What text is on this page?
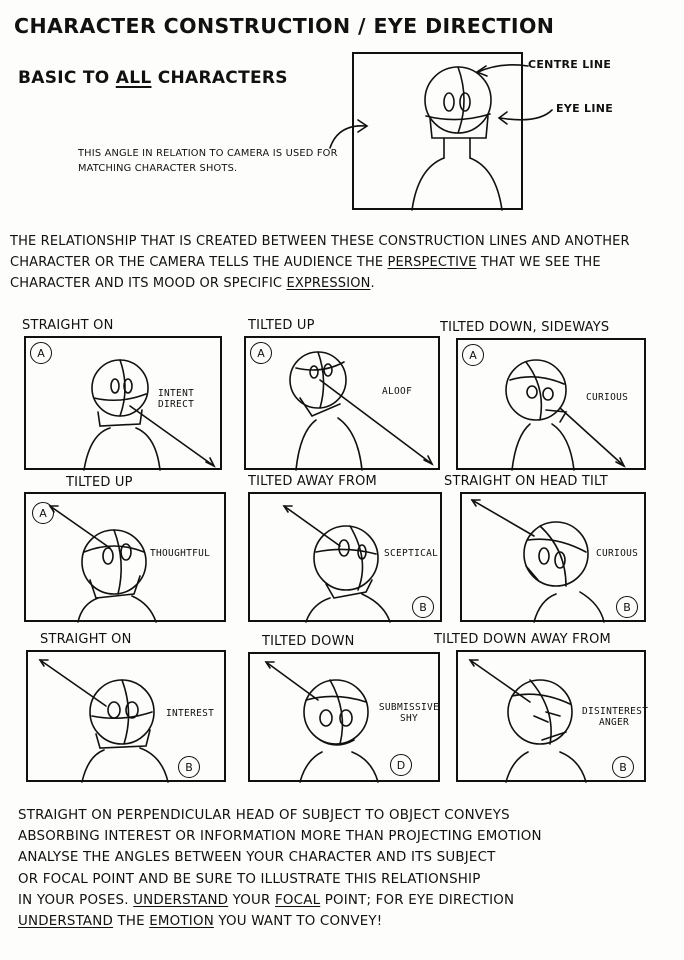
CHARACTER CONSTRUCTION / EYE DIRECTION
BASIC TO ALL CHARACTERS
THIS ANGLE IN RELATION TO CAMERA IS USED FOR MATCHING CHARACTER SHOTS.
CENTRE LINE
EYE LINE
THE RELATIONSHIP THAT IS CREATED BETWEEN THESE CONSTRUCTION LINES AND ANOTHER CHARACTER OR THE CAMERA TELLS THE AUDIENCE THE PERSPECTIVE THAT WE SEE THE CHARACTER AND ITS MOOD OR SPECIFIC EXPRESSION.
STRAIGHT ON
A
TILTED UP
A
TILTED DOWN, SIDEWAYS
A
TILTED UP
A
TILTED AWAY FROM
B
STRAIGHT ON HEAD TILT
B
STRAIGHT ON
B
TILTED DOWN
D
TILTED DOWN AWAY FROM
B
INTENT DIRECT
ALOOF
CURIOUS
THOUGHTFUL	SCEPTICAL	CURIOUS
INTEREST
SUBMISSIVE SHY
DISINTEREST ANGER
STRAIGHT ON PERPENDICULAR HEAD OF SUBJECT TO OBJECT CONVEYS
ABSORBING INTEREST OR INFORMATION MORE THAN PROJECTING EMOTION
ANALYSE THE ANGLES BETWEEN YOUR CHARACTER AND ITS SUBJECT
OR FOCAL POINT AND BE SURE TO ILLUSTRATE THIS RELATIONSHIP
IN YOUR POSES. UNDERSTAND YOUR FOCAL POINT; FOR EYE DIRECTION
UNDERSTAND THE EMOTION YOU WANT TO CONVEY!
